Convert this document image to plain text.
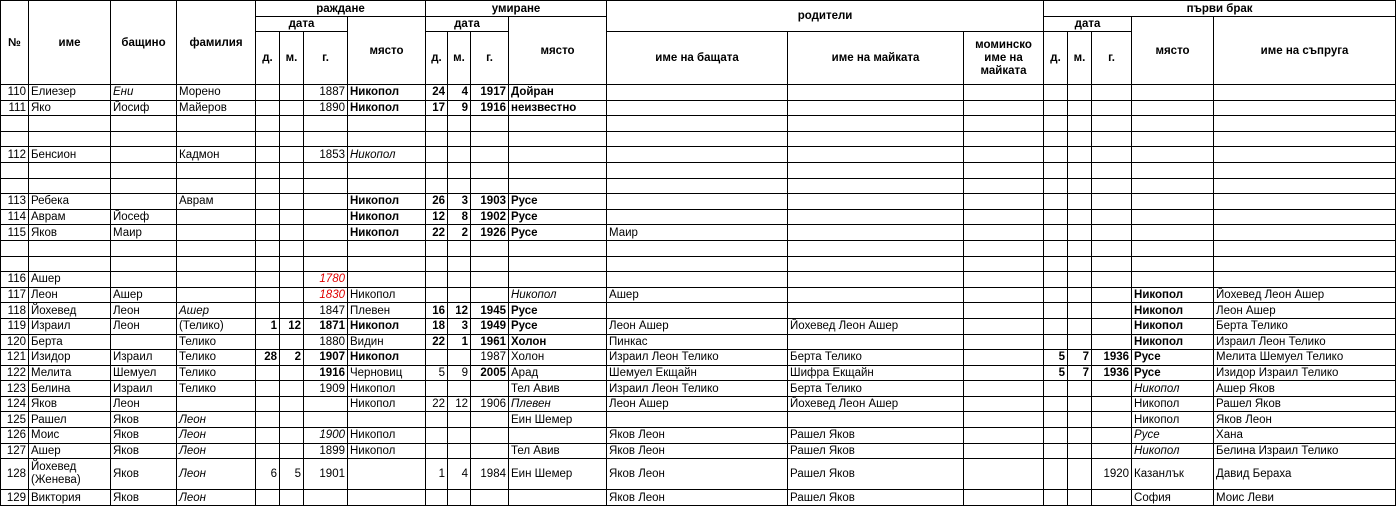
№	име	бащино	фамилия	раждане				умиране				родители			първи брак				
				дата			място	дата			място				дата			място	име на съпруга
				д.	м.	г.		д.	м.	г.		име на бащата	име на майката	моминско име на майката	д.	м.	г.		
110	Елиезер	Ени	Морено			1887	Никопол	24	4	1917	Дойран								
111	Яко	Йосиф	Майеров			1890	Никопол	17	9	1916	неизвестно								

112	Бенсион		Кадмон			1853	Никопол												

113	Ребека		Аврам				Никопол	26	3	1903	Русе								
114	Аврам	Йосеф					Никопол	12	8	1902	Русе								
115	Яков	Маир					Никопол	22	2	1926	Русе	Маир							

116	Ашер					1780													
117	Леон	Ашер				1830	Никопол				Никопол	Ашер						Никопол	Йохевед Леон Ашер
118	Йохевед	Леон	Ашер			1847	Плевен	16	12	1945	Русе							Никопол	Леон Ашер
119	Израил	Леон	(Телико)	1	12	1871	Никопол	18	3	1949	Русе	Леон Ашер	Йохевед Леон Ашер					Никопол	Берта Телико
120	Берта		Телико			1880	Видин	22	1	1961	Холон	Пинкас						Никопол	Израил Леон Телико
121	Изидор	Израил	Телико	28	2	1907	Никопол			1987	Холон	Израил Леон Телико	Берта Телико		5	7	1936	Русе	Мелита Шемуел Телико
122	Мелита	Шемуел	Телико			1916	Черновиц	5	9	2005	Арад	Шемуел Екщайн	Шифра Екщайн		5	7	1936	Русе	Изидор Израил Телико
123	Белина	Израил	Телико			1909	Никопол				Тел Авив	Израил Леон Телико	Берта Телико					Никопол	Ашер Яков
124	Яков	Леон					Никопол	22	12	1906	Плевен	Леон Ашер	Йохевед Леон Ашер					Никопол	Рашел Яков
125	Рашел	Яков	Леон								Еин Шемер							Никопол	Яков Леон
126	Моис	Яков	Леон			1900	Никопол					Яков Леон	Рашел Яков					Русе	Хана
127	Ашер	Яков	Леон			1899	Никопол				Тел Авив	Яков Леон	Рашел Яков					Никопол	Белина Израил Телико
128	Йохевед (Женева)	Яков	Леон	6	5	1901		1	4	1984	Еин Шемер	Яков Леон	Рашел Яков				1920	Казанлък	Давид Бераха
129	Виктория	Яков	Леон									Яков Леон	Рашел Яков					София	Моис Леви
